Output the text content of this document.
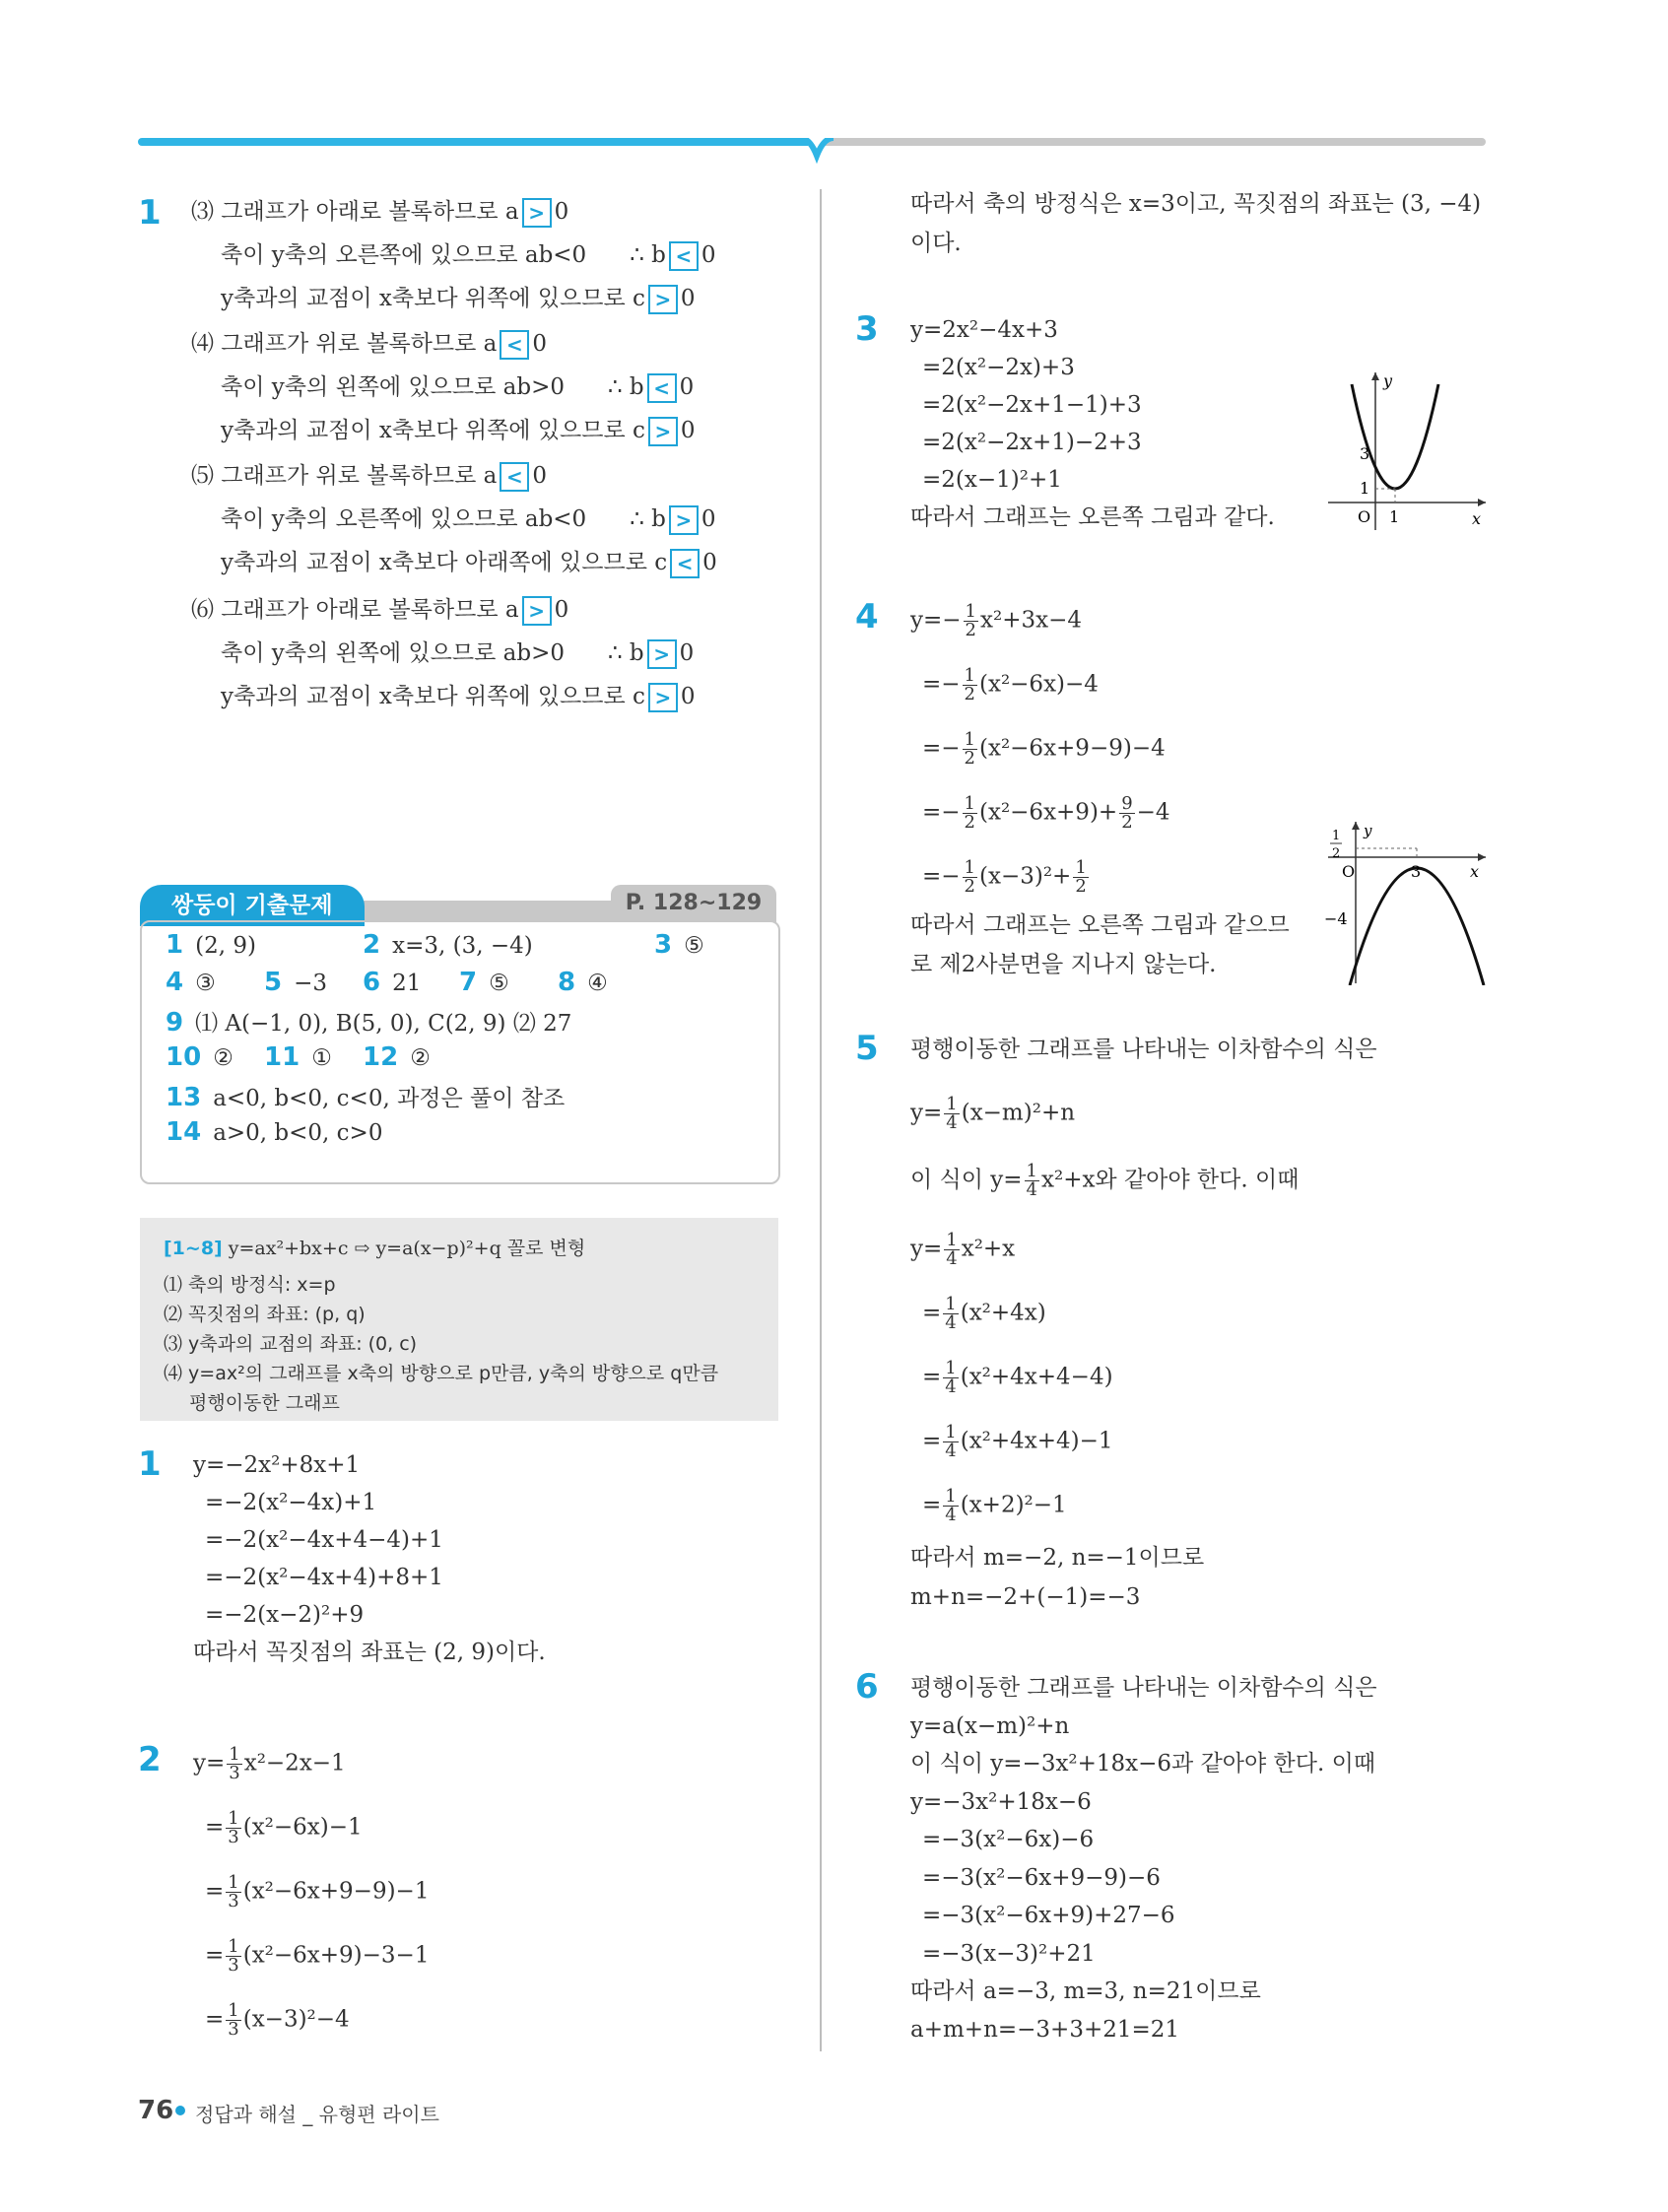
1 ⑶ 그래프가 아래로 볼록하므로 a > 0
축이 y축의 오른쪽에 있으므로 ab<0 ∴ b < 0
y축과의 교점이 x축보다 위쪽에 있으므로 c > 0
⑷ 그래프가 위로 볼록하므로 a < 0
축이 y축의 왼쪽에 있으므로 ab>0 ∴ b < 0
y축과의 교점이 x축보다 위쪽에 있으므로 c > 0
⑸ 그래프가 위로 볼록하므로 a < 0
축이 y축의 오른쪽에 있으므로 ab<0 ∴ b > 0
y축과의 교점이 x축보다 아래쪽에 있으므로 c < 0
⑹ 그래프가 아래로 볼록하므로 a > 0
축이 y축의 왼쪽에 있으므로 ab>0 ∴ b > 0
y축과의 교점이 x축보다 위쪽에 있으므로 c > 0
쌍둥이 기출문제	P. 128~129
1 (2, 9)	2 x=3, (3, −4)	3 ⑤
4 ③ 5 −3 6 21 7 ⑤ 8 ④
9 ⑴ A(−1, 0), B(5, 0), C(2, 9) ⑵ 27
10 ② 11 ① 12 ②
13 a<0, b<0, c<0, 과정은 풀이 참조
14 a>0, b<0, c>0
[1~8] y=ax²+bx+c ⇨ y=a(x−p)²+q 꼴로 변형
⑴ 축의 방정식: x=p
⑵ 꼭짓점의 좌표: (p, q)
⑶ y축과의 교점의 좌표: (0, c)
⑷ y=ax²의 그래프를 x축의 방향으로 p만큼, y축의 방향으로 q만큼
평행이동한 그래프
1 y=−2x²+8x+1
=−2(x²−4x)+1
=−2(x²−4x+4−4)+1
=−2(x²−4x+4)+8+1
=−2(x−2)²+9
따라서 꼭짓점의 좌표는 (2, 9)이다.
2 $y= \frac{1}{3} x^2-2x-1$
= $\frac{1}{3} (x^2-6x)-1$
= $\frac{1}{3} (x^2-6x+9-9)-1$
= $\frac{1}{3} (x^2-6x+9)-3-1$
= $\frac{1}{3} (x-3)^2-4$
따라서 축의 방정식은 x=3이고, 꼭짓점의 좌표는 (3, −4)
이다.
3 y=2x²−4x+3
=2(x²−2x)+3
=2(x²−2x+1−1)+3
=2(x²−2x+1)−2+3
=2(x−1)²+1
따라서 그래프는 오른쪽 그림과 같다.
y
x
O 1
3
1
4 $y=- \frac{1}{2} x^2+3x-4$
=− $\frac{1}{2} (x^2-6x)-4$
=− $\frac{1}{2} (x^2-6x+9-9)-4$
=− $\frac{1}{2} (x^2-6x+9)+ \frac{9}{2} -4$
=− $\frac{1}{2} (x-3)^2+ \frac{1}{2}$
따라서 그래프는 오른쪽 그림과 같으므
로 제2사분면을 지나지 않는다.
y
x
O	3
−4
1
2
5 평행이동한 그래프를 나타내는 이차함수의 식은
$y= \frac{1}{4} (x-m)^2+n$
이 식이 $y= \frac{1}{4} x^2+x$와 같아야 한다. 이때
$y= \frac{1}{4} x^2+x$
= $\frac{1}{4} (x^2+4x)$
= $\frac{1}{4} (x^2+4x+4-4)$
= $\frac{1}{4} (x^2+4x+4)-1$
= $\frac{1}{4} (x+2)^2-1$
따라서 m=−2, n=−1이므로
m+n=−2+(−1)=−3
6 평행이동한 그래프를 나타내는 이차함수의 식은
y=a(x−m)²+n
이 식이 y=−3x²+18x−6과 같아야 한다. 이때
y=−3x²+18x−6
=−3(x²−6x)−6
=−3(x²−6x+9−9)−6
=−3(x²−6x+9)+27−6
=−3(x−3)²+21
따라서 a=−3, m=3, n=21이므로
a+m+n=−3+3+21=21
76 정답과 해설 _ 유형편 라이트
